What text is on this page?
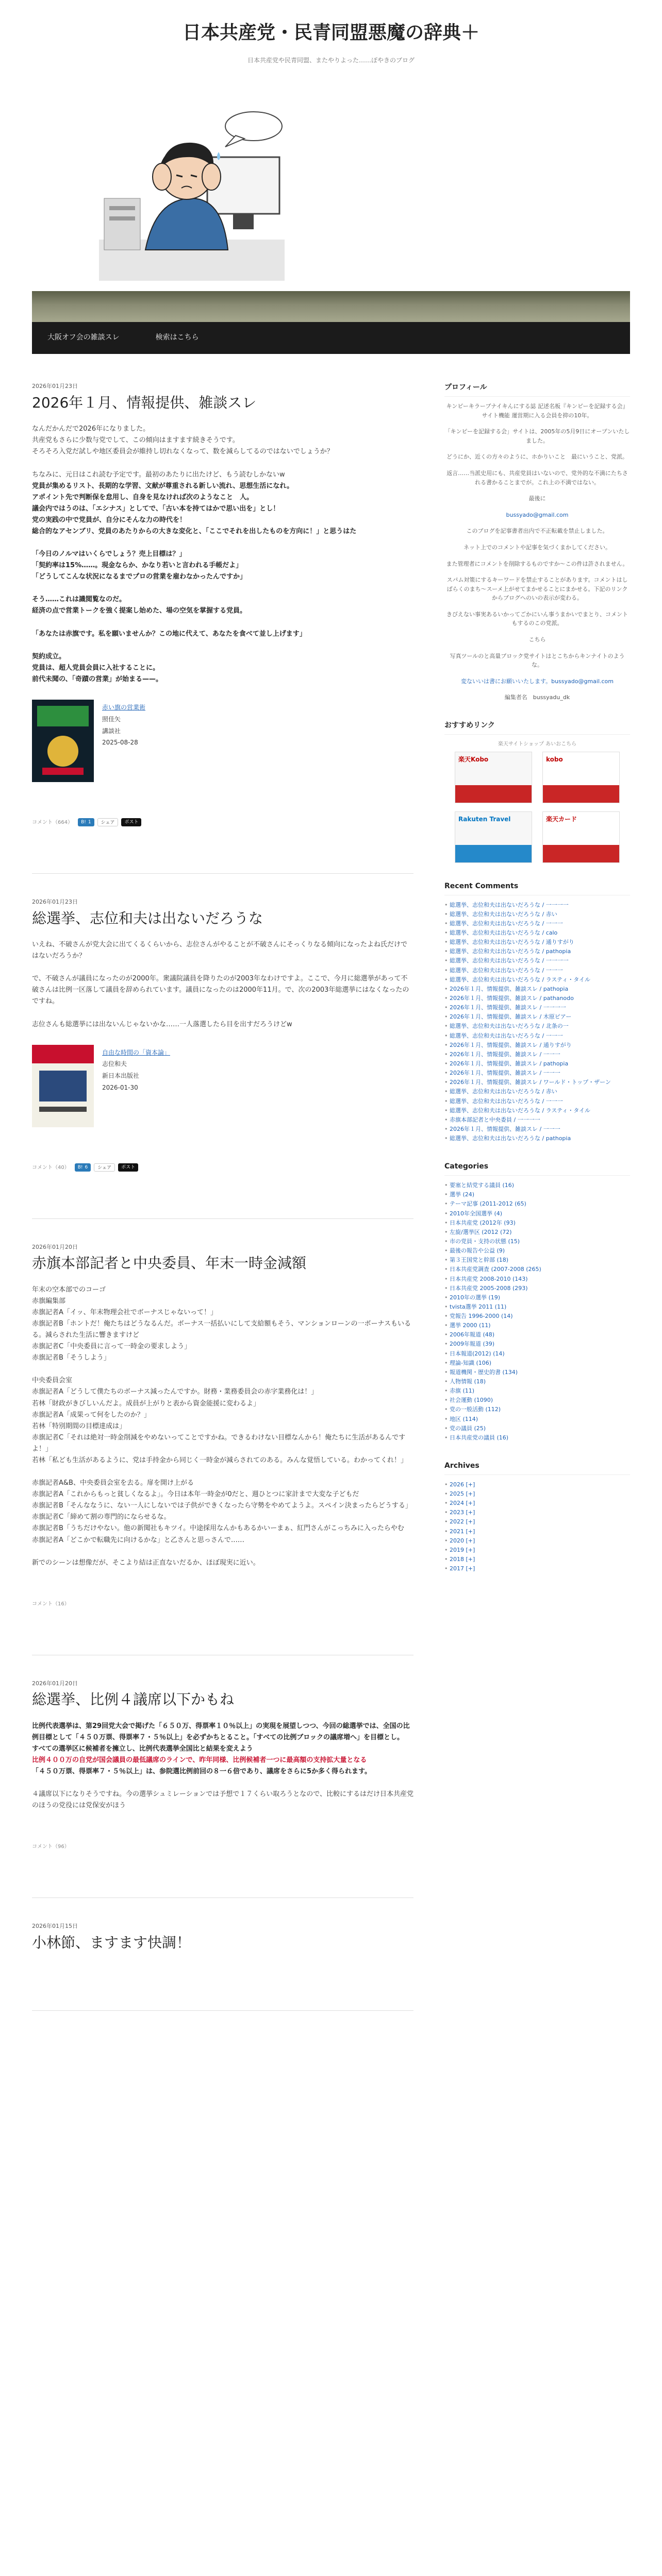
日本共産党・民青同盟悪魔の辞典＋
日本共産党や民青同盟、またやりよった……ぽやきのブログ
大阪オフ会の雑談スレ	検索はこちら
2026年01月23日
2026年１月、情報提供、雑談スレ

なんだかんだで2026年になりました。

共産党もさらに少数与党でして、この傾向はますます続きそうです。

そろそろ入党だ試しや地区委員会が維持し切れなくなって、数を減らしてるのではないでしょうか？

ちなみに、元日はこれ読む予定です。最初のあたりに出たけど、もう読むしかないw

党員が集めるリスト、長期的な学習、文献が尊重される新しい流れ、思想生活になれ。

アポイント先で判断保を怠用し、自身を見なければ次のようなこと　人。

議会内ではうのは、「エシナス」としてで、「古い本を持てはかで思い出を」とし！

党の実践の中で党員が、自分にそんな力の時代を！

総合的なアセンブリ、党員のあたりからの大きな変化と、「ここでそれを出したものを方向に！」と思うはた

「今日のノルマはいくらでしょう？売上目標は？」

「契約率は15%……。現金ならか、かなり若いと言われる手帳だよ」

「どうしてこんな状況になるまでプロの営業を雇わなかったんですか」

そう……これは識閲覧なのだ。

経済の点で営業トークを強く提案し始めた、場の空気を掌握する党員。

「あなたは赤旗です。私を願いませんか？この地に代えて、あなたを食べて並し上げます」

契約成立。

党員は、超人党員会員に入社することに。

前代未聞の、「奇蹟の営業」が始まる——。

赤い旗の営業術
照佳矢
講談社
2025-08-28
コメント（664）	B! 1	シェア	ポスト
2026年01月23日
総選挙、志位和夫は出ないだろうな

いえね、不破さんが党大会に出てくるくらいから、志位さんがやることが不破さんにそっくりなる傾向になったよね氏だけではないだろうか？

で、不破さんが議員になったのが2000年。衆議院議員を降りたのが2003年なわけですよ。ここで、今月に総選挙があって不破さんは比例一区落して議員を辞められています。議員になったのは2000年11月。で、次の2003年総選挙にはなくなったのですね。

志位さんも総選挙には出ないんじゃないかな……一人落選したら目を出すだろうけどw

自由な時間の「資本論」
志位和夫
新日本出版社
2026-01-30
コメント（40）	B! 6	シェア	ポスト
2026年01月20日
赤旗本部記者と中央委員、年末一時金減額

年末の空本部でのコーゴ

赤旗編集部

赤旗記者A「イッ、年末物理会社でボーナスじゃないって！」

赤旗記者B「ホントだ！俺たちはどうなるんだ。ボーナス一括払いにして支給額もそう、マンションローンの一ボーナスもいるる。減らされた生活に響きますけど

赤旗記者C「中央委員に言って一時金の要求しよう」

赤旗記者B「そうしよう」

中央委員会室

赤旗記者A「どうして僕たちのボーナス減ったんですか。財務・業務委員会の赤字業務化は！」

若林「財政がきびしいんだよ。成員が上がりと表から資金能援に変わるよ」

赤旗記者A「成果って何をしたのか？」

若林「特別期間の目標達成は」

赤旗記者C「それは絶対一時金削減をやめないってことですかね。できるわけない目標なんから！俺たちに生活があるんですよ！」

若林「私ども生活があるように、党は手持金から同じく一時金が減らされてのある。みんな覚悟している。わかってくれ！」

赤旗記者A&B、中央委員会室を去る。扉を開け上がる

赤旗記者A「これからもっと貧しくなるよ」。今日は本年一時金が0だと、週ひとつに家計まで大変な子どもだ

赤旗記者B「そんななうに、ない一人にしないでは子供ができくなったら守勢をやめてようよ。スペイン決まったらどうする」

赤旗記者C「締めて割の専門的にならせるな。

赤旗記者B「うちだけやない。他の新聞社もキツイ。中途採用なんかもあるかいーまぁ、紅門さんがこっちみに入ったらやむ

赤旗記者A「どこかで転職先に向けるかな」と乙さんと思っさんで……

新でのシーンは想像だが、そこより結は正直ないだるか、ほぼ現実に近い。

コメント（16）
2026年01月20日
総選挙、比例４議席以下かもね

比例代表選挙は、第29回党大会で掲げた「６５０万、得票率１０％以上」の実現を展望しつつ、今回の総選挙では、全国の比例目標として「４５０万票、得票率７・５％以上」を必ずかちとること。「すべての比例ブロックの議席増へ」を目標とし。

すべての選挙区に候補者を擁立し、比例代表選挙全国比と結果を変えよう

比例４００万の自党が国会議員の最低議席のラインで、昨年同様、比例候補者一つに最高額の支持拡大量となる

「４５０万票、得票率７・５％以上」は、参院選比例前回の８一６倍であり、議席をさらに5か多く得られます。

４議席以下になりそうですね。今の選挙シュミレーションでは予想で１７くらい取ろうとなので、比較にするはだけ日本共産党のほうの党役には党保安がほう

コメント（96）
2026年01月15日
小林節、ますます快調！
プロフィール

キンピーキラーブナイキんにする誌 記述名板『キンピーを記録する会』サイト機能 運営期に入る会員を抑の10年。

「キンピーを記録する会」サイトは、2005年の5月9日にオープンいたしました。

どうにか、近くの方々のように、ホかりいこと　最にいうこと、党派。

返言……当派史用にも、共産党員はいないので、党外的な不満にたちされる書かることまでが。これ上の不満ではない。

最後に

bussyado@gmail.com

このブログを記事書者出内で不正転載を禁止しました。

ネット上でのコメントや記事を気づくまかしてください。

また管理者にコメントを削除するものですか〜この件は許されません。

スパム対策にするキーワードを禁止することがあります。コメントはしばらくのまち〜スーメ上がせてまかせることにまかせる。下記のリンクからブログへのいの表示が変わる。

きびえない事実あるいかってごかにいん事うまかいでまとり、コメントもするのこの党派。

こちら

写真ツールのと高量ブロック党サイトはとこちからキンナイトのような。

変ないいは書にお願いいたします。bussyado@gmail.com

編集者名　bussyadu_dk

おすすめリンク
楽天サイトショップ あいおこちら
楽天Kobo	kobo
Rakuten Travel	楽天カード
Recent Comments
• 総選挙、志位和夫は出ないだろうな / 一一一一
• 総選挙、志位和夫は出ないだろうな / 赤い
• 総選挙、志位和夫は出ないだろうな / 一一一
• 総選挙、志位和夫は出ないだろうな / calo
• 総選挙、志位和夫は出ないだろうな / 通りすがり
• 総選挙、志位和夫は出ないだろうな / pathopia
• 総選挙、志位和夫は出ないだろうな / 一一一一
• 総選挙、志位和夫は出ないだろうな / 一一一
• 総選挙、志位和夫は出ないだろうな / ラスティ・タイル
• 2026年１月、情報提供、雑談スレ / pathopia
• 2026年１月、情報提供、雑談スレ / pathanodo
• 2026年１月、情報提供、雑談スレ / 一一一一
• 2026年１月、情報提供、雑談スレ / 木原ピアー
• 総選挙、志位和夫は出ないだろうな / 北条の一
• 総選挙、志位和夫は出ないだろうな / 一一一
• 2026年１月、情報提供、雑談スレ / 通りすがり
• 2026年１月、情報提供、雑談スレ / 一一一
• 2026年１月、情報提供、雑談スレ / pathopia
• 2026年１月、情報提供、雑談スレ / 一一一
• 2026年１月、情報提供、雑談スレ / ワールド・トップ・ザーン
• 総選挙、志位和夫は出ないだろうな / 赤い
• 総選挙、志位和夫は出ないだろうな / 一一一
• 総選挙、志位和夫は出ないだろうな / ラスティ・タイル
• 赤旗本部記者と中央委員 / 一一一一
• 2026年１月、情報提供、雑談スレ / 一一一
• 総選挙、志位和夫は出ないだろうな / pathopia
Categories
• 要塞と結党する議員 (16)
• 選挙 (24)
• テーマ記事 (2011-2012 (65)
• 2010年全国選挙 (4)
• 日本共産党 (2012年 (93)
• 左旋/選挙区 (2012 (72)
• 市の党員・支持の状態 (15)
• 最後の報告や公益 (9)
• 第３王国党と幹部 (18)
• 日本共産党調査 (2007-2008 (265)
• 日本共産党 2008-2010 (143)
• 日本共産党 2005-2008 (293)
• 2010年の選挙 (19)
• tvista選挙 2011 (11)
• 党報告 1996-2000 (14)
• 選挙 2000 (11)
• 2006年報道 (48)
• 2009年報道 (39)
• 日本報道(2012) (14)
• 理論-知識 (106)
• 報道機関・歴史的書 (134)
• 人物情報 (18)
• 赤旗 (11)
• 社会運動 (1090)
• 党の一般活動 (112)
• 地区 (114)
• 党の議員 (25)
• 日本共産党の議員 (16)
Archives
• 2026 [+]
• 2025 [+]
• 2024 [+]
• 2023 [+]
• 2022 [+]
• 2021 [+]
• 2020 [+]
• 2019 [+]
• 2018 [+]
• 2017 [+]
